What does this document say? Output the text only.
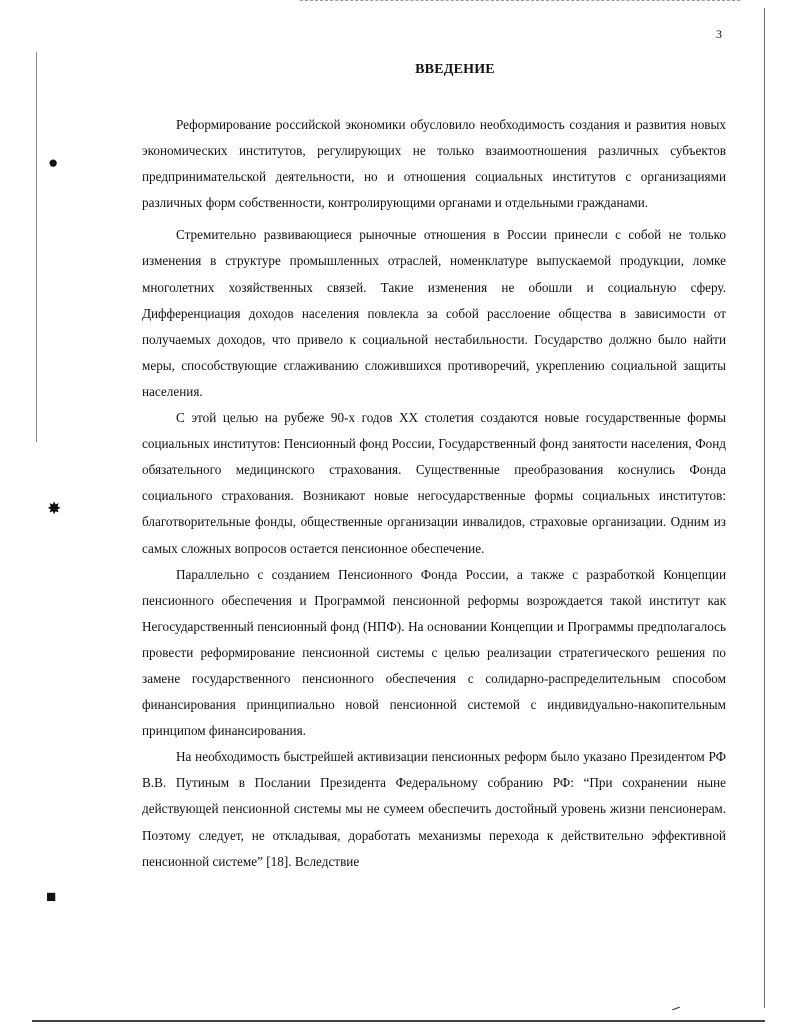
●
✸
■
3
ВВЕДЕНИЕ

Реформирование российской экономики обусловило необходимость создания и развития новых экономических институтов, регулирующих не только взаимоотношения различных субъектов предпринимательской деятельности, но и отношения социальных институтов с организациями различных форм собственности, контролирующими органами и отдельными гражданами.

Стремительно развивающиеся рыночные отношения в России принесли с собой не только изменения в структуре промышленных отраслей, номенклатуре выпускаемой продукции, ломке многолетних хозяйственных связей. Такие изменения не обошли и социальную сферу. Дифференциация доходов населения повлекла за собой расслоение общества в зависимости от получаемых доходов, что привело к социальной нестабильности. Государство должно было найти меры, способствующие сглаживанию сложившихся противоречий, укреплению социальной защиты населения.

С этой целью на рубеже 90-х годов XX столетия создаются новые государственные формы социальных институтов: Пенсионный фонд России, Государственный фонд занятости населения, Фонд обязательного медицинского страхования. Существенные преобразования коснулись Фонда социального страхования. Возникают новые негосударственные формы социальных институтов: благотворительные фонды, общественные организации инвалидов, страховые организации. Одним из самых сложных вопросов остается пенсионное обеспечение.

Параллельно с созданием Пенсионного Фонда России, а также с разработкой Концепции пенсионного обеспечения и Программой пенсионной реформы возрождается такой институт как Негосударственный пенсионный фонд (НПФ). На основании Концепции и Программы предполагалось провести реформирование пенсионной системы с целью реализации стратегического решения по замене государственного пенсионного обеспечения с солидарно-распределительным способом финансирования принципиально новой пенсионной системой с индивидуально-накопительным принципом финансирования.

На необходимость быстрейшей активизации пенсионных реформ было указано Президентом РФ В.В. Путиным в Послании Президента Федеральному собранию РФ: “При сохранении ныне действующей пенсионной системы мы не сумеем обеспечить достойный уровень жизни пенсионерам. Поэтому следует, не откладывая, доработать механизмы перехода к действительно эффективной пенсионной системе” [18]. Вследствие
